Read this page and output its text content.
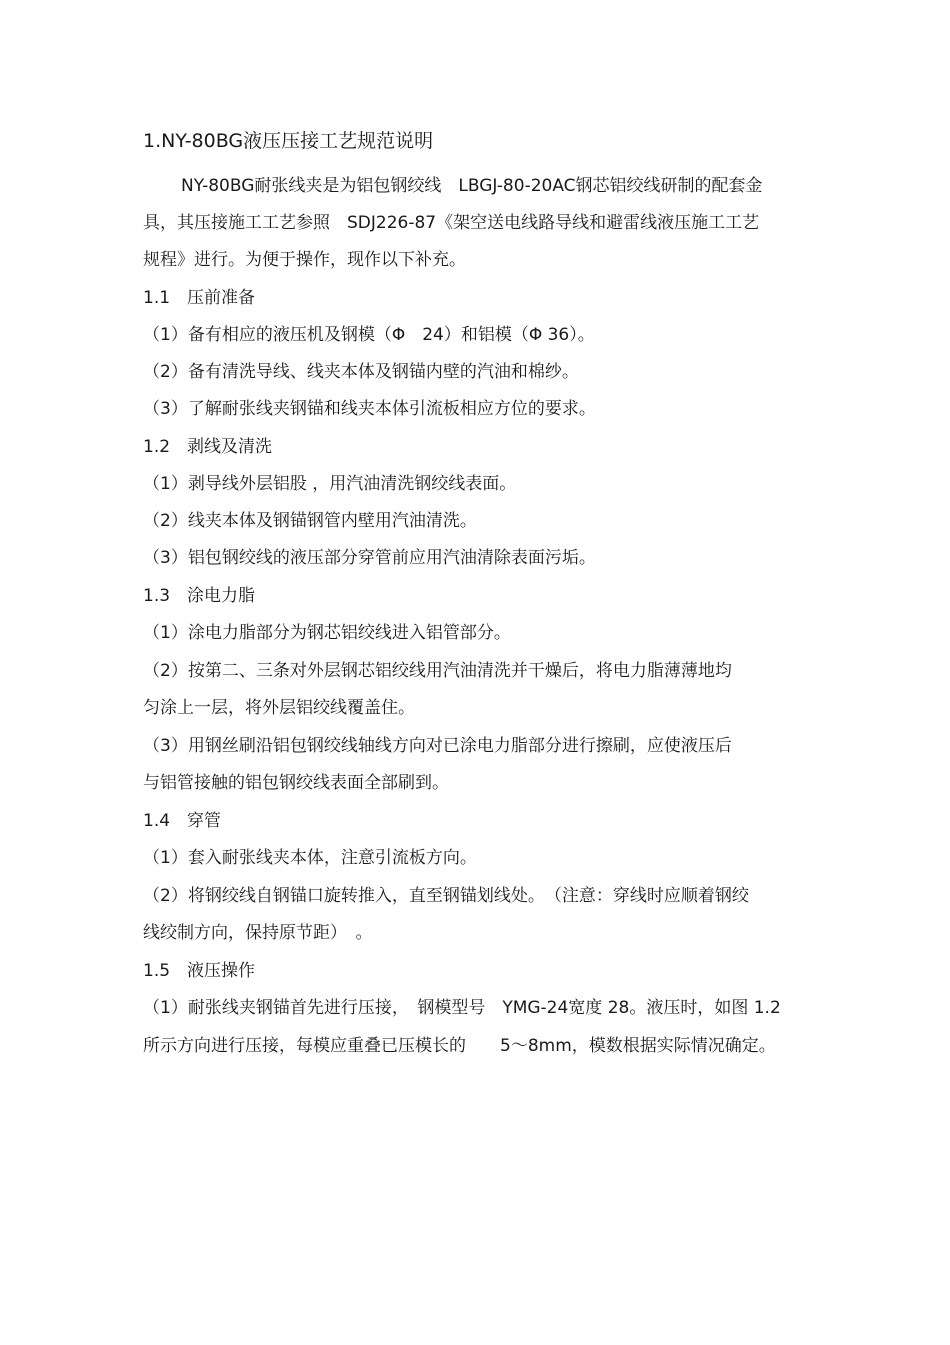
1.NY-80BG液压压接工艺规范说明
NY-80BG耐张线夹是为铝包钢绞线　LBGJ-80-20AC钢芯铝绞线研制的配套金
具，其压接施工工艺参照　SDJ226-87《架空送电线路导线和避雷线液压施工工艺
规程》进行。为便于操作，现作以下补充。
1.1　压前准备
（1）备有相应的液压机及钢模（Φ　24）和铝模（Φ 36）。
（2）备有清洗导线、线夹本体及钢锚内壁的汽油和棉纱。
（3）了解耐张线夹钢锚和线夹本体引流板相应方位的要求。
1.2　剥线及清洗
（1）剥导线外层铝股 ，用汽油清洗钢绞线表面。
（2）线夹本体及钢锚钢管内壁用汽油清洗。
（3）铝包钢绞线的液压部分穿管前应用汽油清除表面污垢。
1.3　涂电力脂
（1）涂电力脂部分为钢芯铝绞线进入铝管部分。
（2）按第二、三条对外层钢芯铝绞线用汽油清洗并干燥后，将电力脂薄薄地均
匀涂上一层，将外层铝绞线覆盖住。
（3）用钢丝刷沿铝包钢绞线轴线方向对已涂电力脂部分进行擦刷，应使液压后
与铝管接触的铝包钢绞线表面全部刷到。
1.4　穿管
（1）套入耐张线夹本体，注意引流板方向。
（2）将钢绞线自钢锚口旋转推入，直至钢锚划线处。　（注意：穿线时应顺着钢绞
线绞制方向，保持原节距）　。
1.5　液压操作
（1）耐张线夹钢锚首先进行压接，　钢模型号　YMG-24宽度 28。液压时，如图 1.2
所示方向进行压接，每模应重叠已压模长的　　5～8mm，模数根据实际情况确定。
